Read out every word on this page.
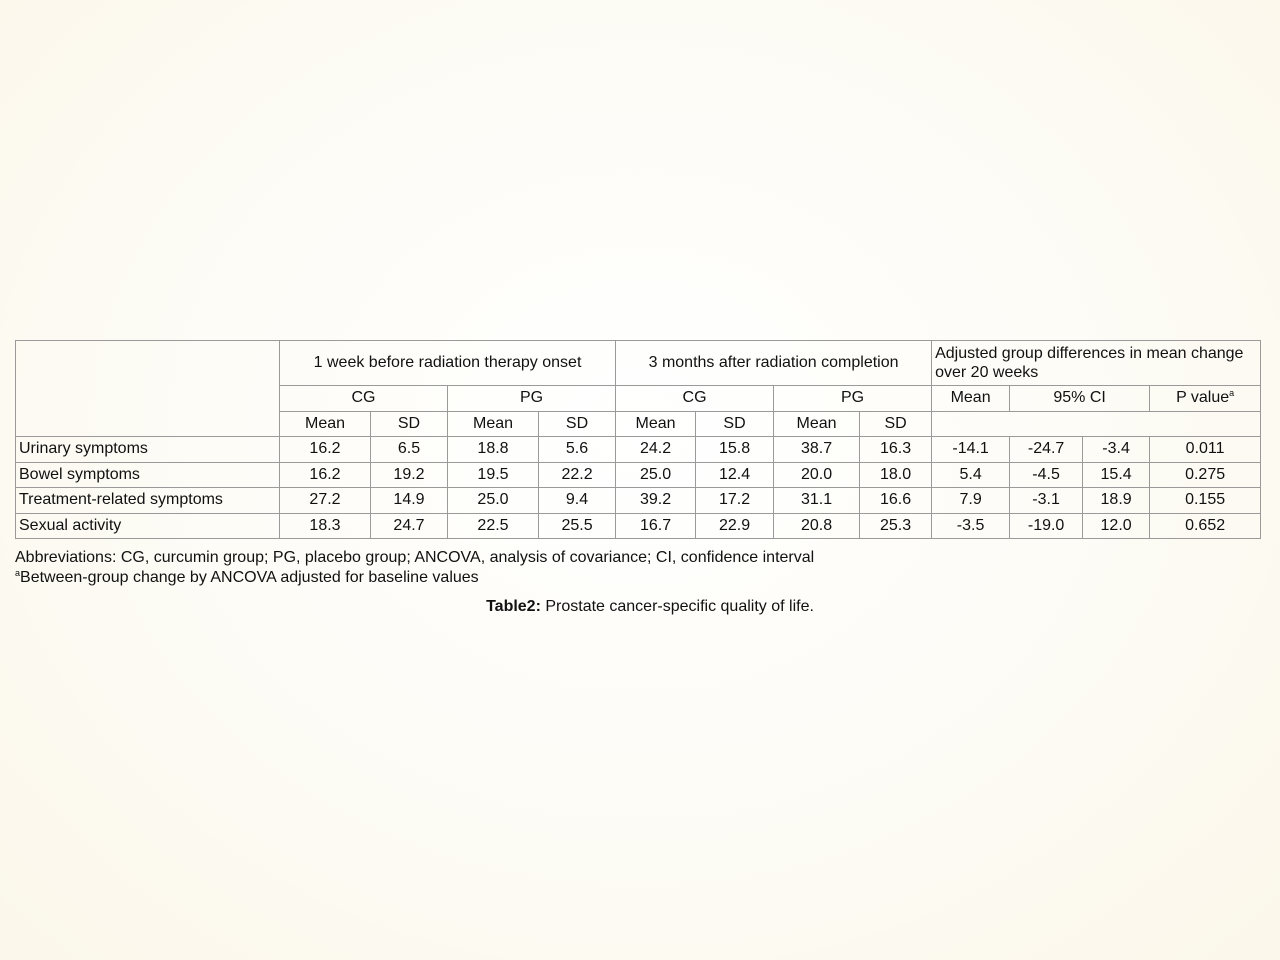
	1 week before radiation therapy onset				3 months after radiation completion				Adjusted group differences in mean change over 20 weeks			
	CG		PG		CG		PG		Mean	95% CI		P value$^a$
	Mean	SD	Mean	SD	Mean	SD	Mean	SD				
Urinary symptoms	16.2	6.5	18.8	5.6	24.2	15.8	38.7	16.3	-14.1	-24.7	-3.4	0.011
Bowel symptoms	16.2	19.2	19.5	22.2	25.0	12.4	20.0	18.0	5.4	-4.5	15.4	0.275
Treatment-related symptoms	27.2	14.9	25.0	9.4	39.2	17.2	31.1	16.6	7.9	-3.1	18.9	0.155
Sexual activity	18.3	24.7	22.5	25.5	16.7	22.9	20.8	25.3	-3.5	-19.0	12.0	0.652
Abbreviations: CG, curcumin group; PG, placebo group; ANCOVA, analysis of covariance; CI, confidence interval
$^a$Between-group change by ANCOVA adjusted for baseline values
Table2: Prostate cancer-specific quality of life.
